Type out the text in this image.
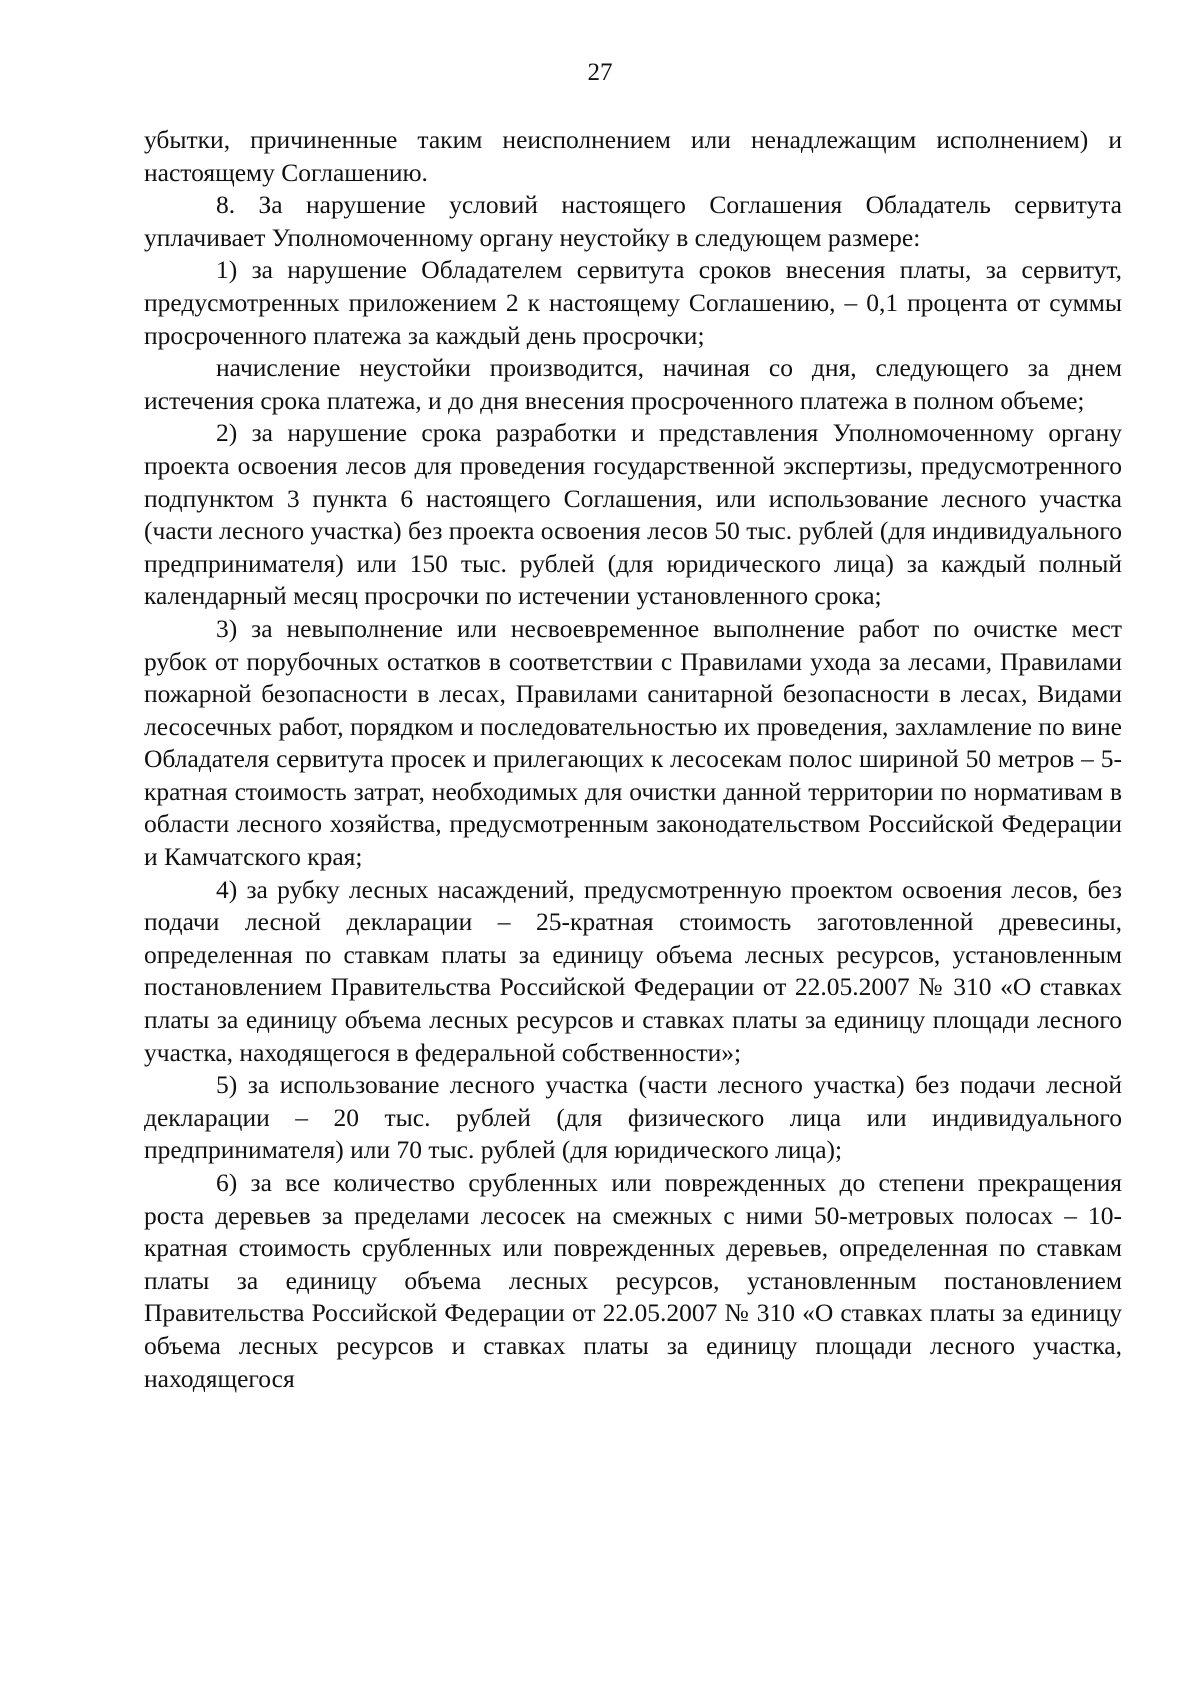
27

убытки, причиненные таким неисполнением или ненадлежащим исполнением) и настоящему Соглашению.

8. За нарушение условий настоящего Соглашения Обладатель сервитута уплачивает Уполномоченному органу неустойку в следующем размере:

1) за нарушение Обладателем сервитута сроков внесения платы, за сервитут, предусмотренных приложением 2 к настоящему Соглашению, – 0,1 процента от суммы просроченного платежа за каждый день просрочки;

начисление неустойки производится, начиная со дня, следующего за днем истечения срока платежа, и до дня внесения просроченного платежа в полном объеме;

2) за нарушение срока разработки и представления Уполномоченному органу проекта освоения лесов для проведения государственной экспертизы, предусмотренного подпунктом 3 пункта 6 настоящего Соглашения, или использование лесного участка (части лесного участка) без проекта освоения лесов 50 тыс. рублей (для индивидуального предпринимателя) или 150 тыс. рублей (для юридического лица) за каждый полный календарный месяц просрочки по истечении установленного срока;

3) за невыполнение или несвоевременное выполнение работ по очистке мест рубок от порубочных остатков в соответствии с Правилами ухода за лесами, Правилами пожарной безопасности в лесах, Правилами санитарной безопасности в лесах, Видами лесосечных работ, порядком и последовательностью их проведения, захламление по вине Обладателя сервитута просек и прилегающих к лесосекам полос шириной 50 метров – 5-кратная стоимость затрат, необходимых для очистки данной территории по нормативам в области лесного хозяйства, предусмотренным законодательством Российской Федерации и Камчатского края;

4) за рубку лесных насаждений, предусмотренную проектом освоения лесов, без подачи лесной декларации – 25-кратная стоимость заготовленной древесины, определенная по ставкам платы за единицу объема лесных ресурсов, установленным постановлением Правительства Российской Федерации от 22.05.2007 № 310 «О ставках платы за единицу объема лесных ресурсов и ставках платы за единицу площади лесного участка, находящегося в федеральной собственности»;

5) за использование лесного участка (части лесного участка) без подачи лесной декларации – 20 тыс. рублей (для физического лица или индивидуального предпринимателя) или 70 тыс. рублей (для юридического лица);

6) за все количество срубленных или поврежденных до степени прекращения роста деревьев за пределами лесосек на смежных с ними 50-метровых полосах – 10-кратная стоимость срубленных или поврежденных деревьев, определенная по ставкам платы за единицу объема лесных ресурсов, установленным постановлением Правительства Российской Федерации от 22.05.2007 № 310 «О ставках платы за единицу объема лесных ресурсов и ставках платы за единицу площади лесного участка, находящегося
